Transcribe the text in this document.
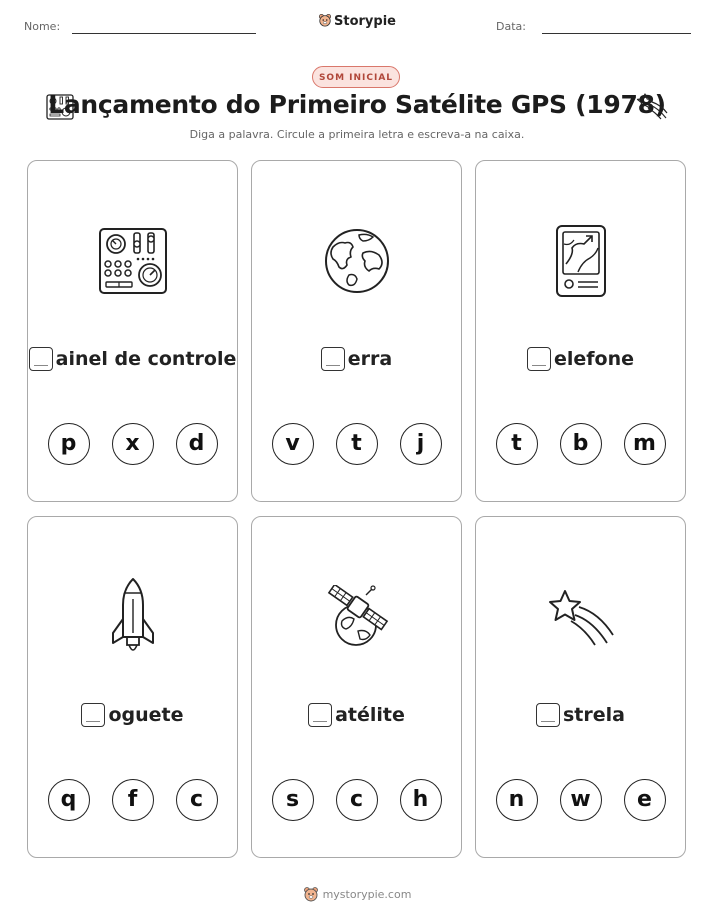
Nome:	Storypie	Data:
SOM INICIAL
Lançamento do Primeiro Satélite GPS (1978)
Diga a palavra. Circule a primeira letra e escreva-a na caixa.
ainel de controle
p	x	d
erra
v	t	j
elefone
t	b	m
oguete
q	f	c
atélite
s	c	h
strela
n	w	e
mystorypie.com
